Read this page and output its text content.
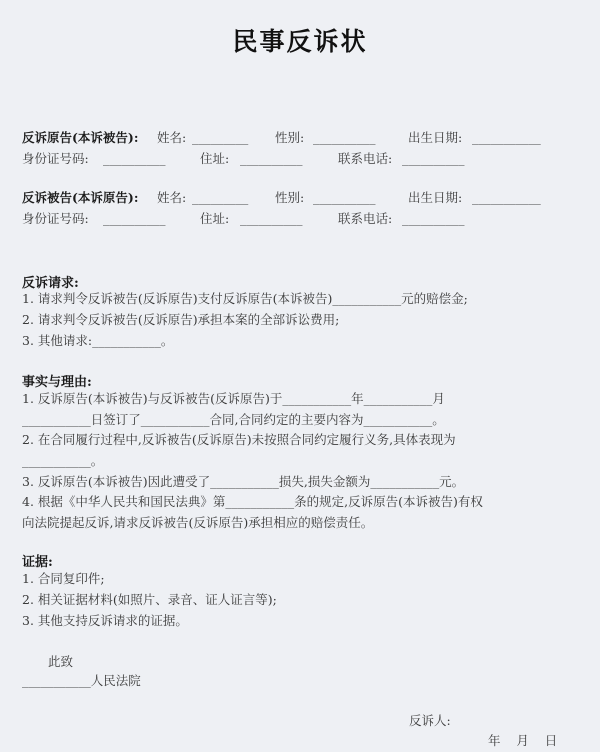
民事反诉状
反诉原告(本诉被告): 姓名: _________ 性别: __________	出生日期: ___________
身份证号码: __________	住址: __________	联系电话: __________
反诉被告(本诉原告): 姓名: _________ 性别: __________	出生日期: ___________
身份证号码: __________	住址: __________	联系电话: __________
反诉请求:
1. 请求判令反诉被告(反诉原告)支付反诉原告(本诉被告)___________元的赔偿金;
2. 请求判令反诉被告(反诉原告)承担本案的全部诉讼费用;
3. 其他请求:___________。
事实与理由:
1. 反诉原告(本诉被告)与反诉被告(反诉原告)于___________年___________月
___________日签订了___________合同,合同约定的主要内容为___________。
2. 在合同履行过程中,反诉被告(反诉原告)未按照合同约定履行义务,具体表现为
___________。
3. 反诉原告(本诉被告)因此遭受了___________损失,损失金额为___________元。
4. 根据《中华人民共和国民法典》第___________条的规定,反诉原告(本诉被告)有权
向法院提起反诉,请求反诉被告(反诉原告)承担相应的赔偿责任。
证据:
1. 合同复印件;
2. 相关证据材料(如照片、录音、证人证言等);
3. 其他支持反诉请求的证据。
此致
___________人民法院
反诉人:
年    月    日
